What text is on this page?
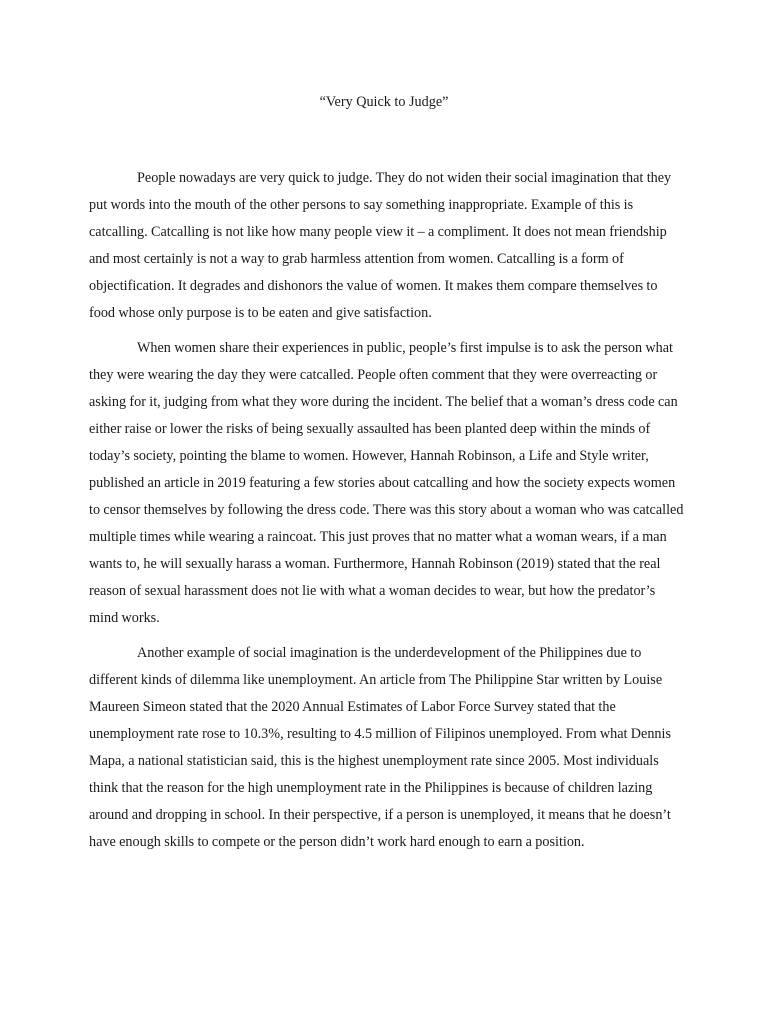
“Very Quick to Judge”

People nowadays are very quick to judge. They do not widen their social imagination that they put words into the mouth of the other persons to say something inappropriate. Example of this is catcalling. Catcalling is not like how many people view it – a compliment. It does not mean friendship and most certainly is not a way to grab harmless attention from women. Catcalling is a form of objectification. It degrades and dishonors the value of women. It makes them compare themselves to food whose only purpose is to be eaten and give satisfaction.

When women share their experiences in public, people’s first impulse is to ask the person what they were wearing the day they were catcalled. People often comment that they were overreacting or asking for it, judging from what they wore during the incident. The belief that a woman’s dress code can either raise or lower the risks of being sexually assaulted has been planted deep within the minds of today’s society, pointing the blame to women. However, Hannah Robinson, a Life and Style writer, published an article in 2019 featuring a few stories about catcalling and how the society expects women to censor themselves by following the dress code. There was this story about a woman who was catcalled multiple times while wearing a raincoat. This just proves that no matter what a woman wears, if a man wants to, he will sexually harass a woman. Furthermore, Hannah Robinson (2019) stated that the real reason of sexual harassment does not lie with what a woman decides to wear, but how the predator’s mind works.

Another example of social imagination is the underdevelopment of the Philippines due to different kinds of dilemma like unemployment. An article from The Philippine Star written by Louise Maureen Simeon stated that the 2020 Annual Estimates of Labor Force Survey stated that the unemployment rate rose to 10.3%, resulting to 4.5 million of Filipinos unemployed. From what Dennis Mapa, a national statistician said, this is the highest unemployment rate since 2005. Most individuals think that the reason for the high unemployment rate in the Philippines is because of children lazing around and dropping in school. In their perspective, if a person is unemployed, it means that he doesn’t have enough skills to compete or the person didn’t work hard enough to earn a position.
